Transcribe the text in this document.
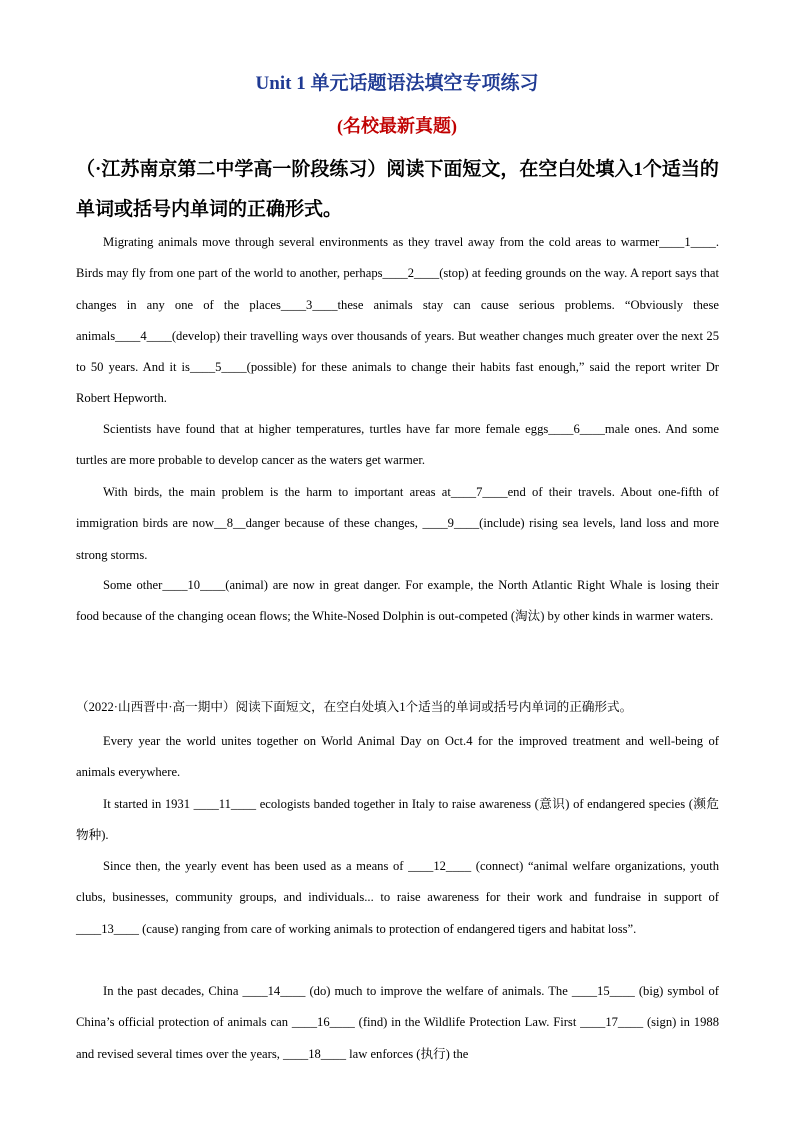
Unit 1 单元话题语法填空专项练习
(名校最新真题)
（·江苏南京第二中学高一阶段练习）阅读下面短文，在空白处填入1个适当的单词或括号内单词的正确形式。
Migrating animals move through several environments as they travel away from the cold areas to warmer____1____. Birds may fly from one part of the world to another, perhaps____2____(stop) at feeding grounds on the way. A report says that changes in any one of the places____3____these animals stay can cause serious problems. “Obviously these animals____4____(develop) their travelling ways over thousands of years. But weather changes much greater over the next 25 to 50 years. And it is____5____(possible) for these animals to change their habits fast enough,” said the report writer Dr Robert Hepworth.
Scientists have found that at higher temperatures, turtles have far more female eggs____6____male ones. And some turtles are more probable to develop cancer as the waters get warmer.
With birds, the main problem is the harm to important areas at____7____end of their travels. About one-fifth of immigration birds are now__8__danger because of these changes, ____9____(include) rising sea levels, land loss and more strong storms.
Some other____10____(animal) are now in great danger. For example, the North Atlantic Right Whale is losing their food because of the changing ocean flows; the White-Nosed Dolphin is out-competed (淘汰) by other kinds in warmer waters.
（2022·山西晋中·高一期中）阅读下面短文，在空白处填入1个适当的单词或括号内单词的正确形式。
Every year the world unites together on World Animal Day on Oct.4 for the improved treatment and well-being of animals everywhere.
It started in 1931 ____11____ ecologists banded together in Italy to raise awareness (意识) of endangered species (濒危物种).
Since then, the yearly event has been used as a means of ____12____ (connect) “animal welfare organizations, youth clubs, businesses, community groups, and individuals... to raise awareness for their work and fundraise in support of ____13____ (cause) ranging from care of working animals to protection of endangered tigers and habitat loss”.
In the past decades, China ____14____ (do) much to improve the welfare of animals. The ____15____ (big) symbol of China’s official protection of animals can ____16____ (find) in the Wildlife Protection Law. First ____17____ (sign) in 1988 and revised several times over the years, ____18____ law enforces (执行) the
